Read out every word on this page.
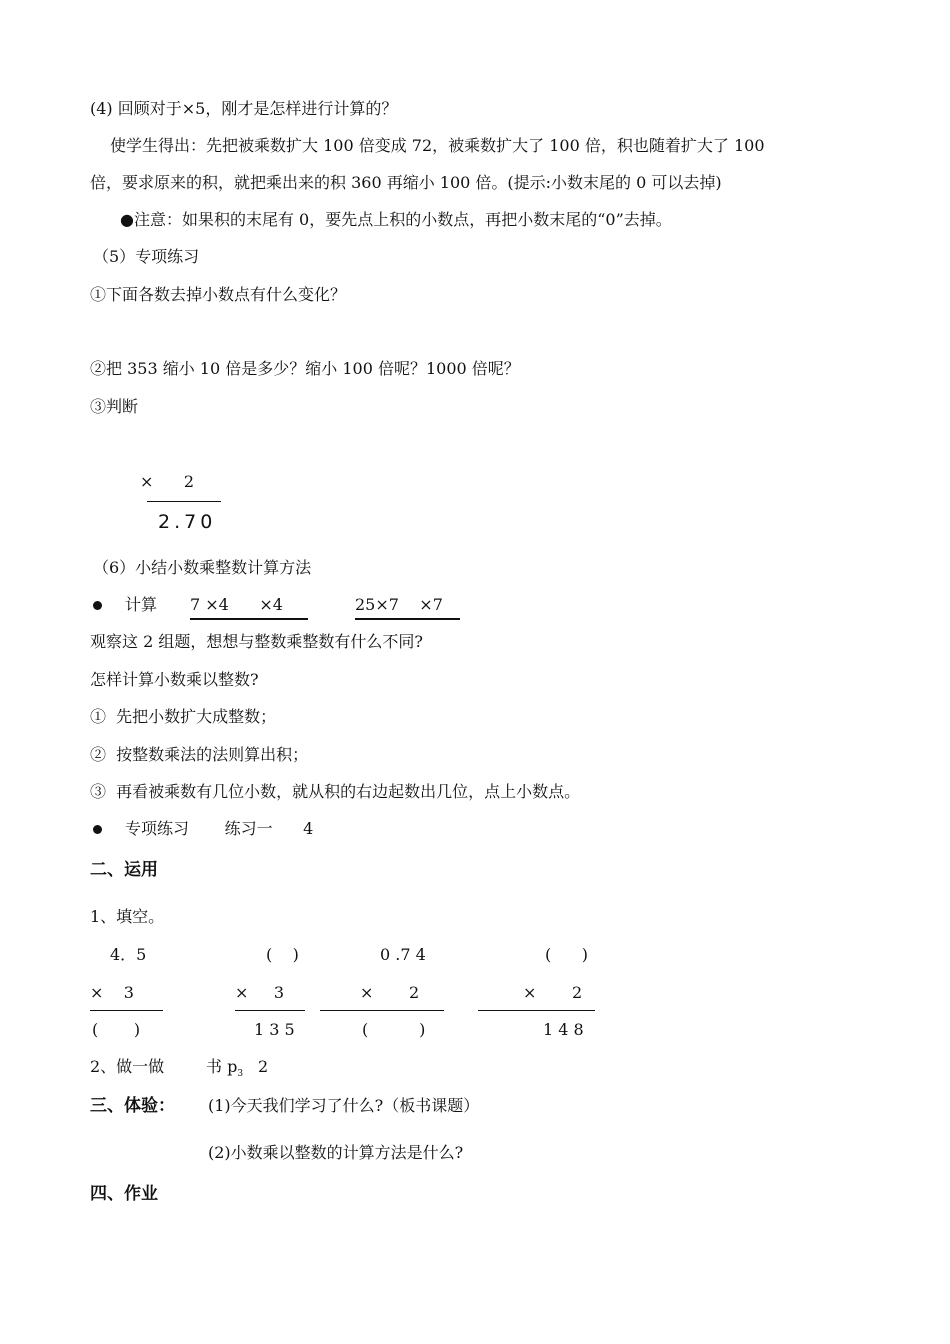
(4) 回顾对于×5，刚才是怎样进行计算的？
使学生得出：先把被乘数扩大 100 倍变成 72，被乘数扩大了 100 倍，积也随着扩大了 100
倍，要求原来的积，就把乘出来的积 360 再缩小 100 倍。(提示:小数末尾的 0 可以去掉)
●注意：如果积的末尾有 0，要先点上积的小数点，再把小数末尾的“0”去掉。
（5）专项练习
①下面各数去掉小数点有什么变化？
②把 353 缩小 10 倍是多少？缩小 100 倍呢？1000 倍呢？
③判断
×      2
2.70
（6）小结小数乘整数计算方法
计算 7 ×4      ×4	25×7    ×7
观察这 2 组题，想想与整数乘整数有什么不同?
怎样计算小数乘以整数?
①  先把小数扩大成整数；
②  按整数乘法的法则算出积；
③  再看被乘数有几位小数，就从积的右边起数出几位，点上小数点。
专项练习       练习一      4
二、运用
1、填空。
4．5
×    3
(       )
(    )
×     3
1 3 5
0 .7 4
×       2
(          )
(      )
×       2
1 4 8
2、做一做	书 $p_3$ 2
三、体验： (1)今天我们学习了什么?（板书课题）
(2)小数乘以整数的计算方法是什么?
四、作业
